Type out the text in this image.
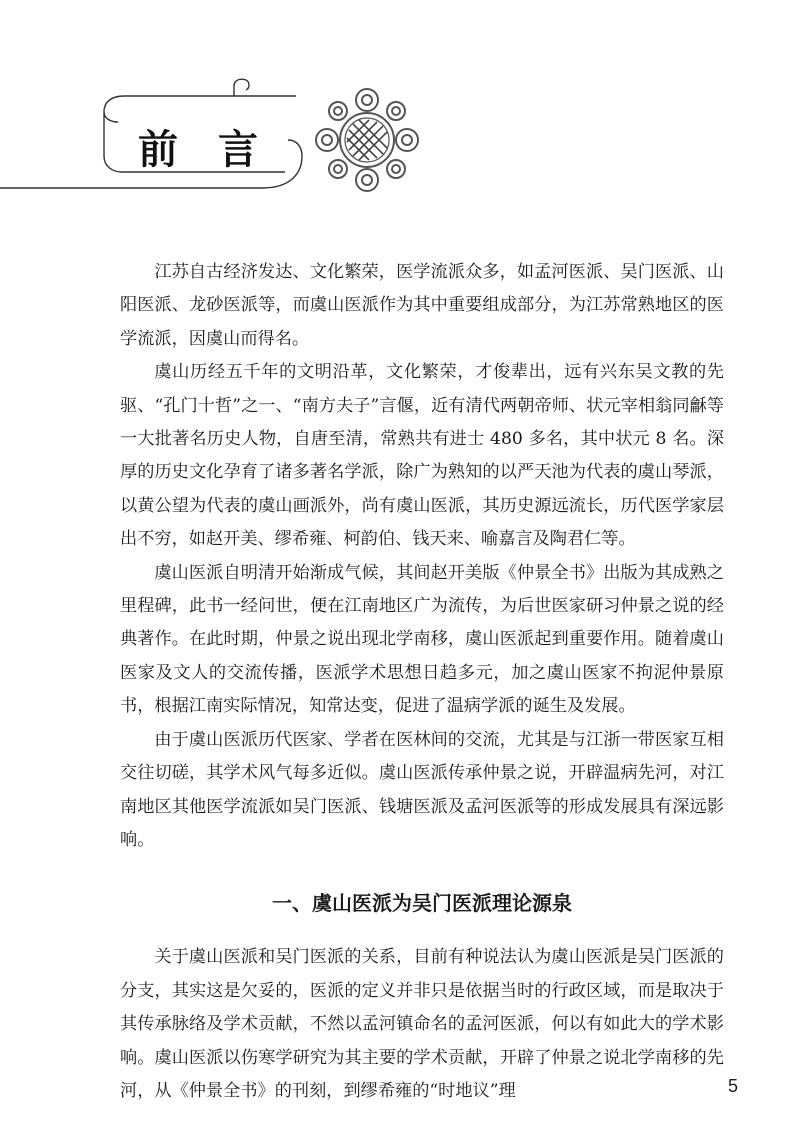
前言

江苏自古经济发达、文化繁荣，医学流派众多，如孟河医派、吴门医派、山阳医派、龙砂医派等，而虞山医派作为其中重要组成部分，为江苏常熟地区的医学流派，因虞山而得名。

虞山历经五千年的文明沿革，文化繁荣，才俊辈出，远有兴东吴文教的先驱、“孔门十哲”之一、“南方夫子”言偃，近有清代两朝帝师、状元宰相翁同龢等一大批著名历史人物，自唐至清，常熟共有进士 480 多名，其中状元 8 名。深厚的历史文化孕育了诸多著名学派，除广为熟知的以严天池为代表的虞山琴派，以黄公望为代表的虞山画派外，尚有虞山医派，其历史源远流长，历代医学家层出不穷，如赵开美、缪希雍、柯韵伯、钱天来、喻嘉言及陶君仁等。

虞山医派自明清开始渐成气候，其间赵开美版《仲景全书》出版为其成熟之里程碑，此书一经问世，便在江南地区广为流传，为后世医家研习仲景之说的经典著作。在此时期，仲景之说出现北学南移，虞山医派起到重要作用。随着虞山医家及文人的交流传播，医派学术思想日趋多元，加之虞山医家不拘泥仲景原书，根据江南实际情况，知常达变，促进了温病学派的诞生及发展。

由于虞山医派历代医家、学者在医林间的交流，尤其是与江浙一带医家互相交往切磋，其学术风气每多近似。虞山医派传承仲景之说，开辟温病先河，对江南地区其他医学流派如吴门医派、钱塘医派及孟河医派等的形成发展具有深远影响。

一、虞山医派为吴门医派理论源泉

关于虞山医派和吴门医派的关系，目前有种说法认为虞山医派是吴门医派的分支，其实这是欠妥的，医派的定义并非只是依据当时的行政区域，而是取决于其传承脉络及学术贡献，不然以孟河镇命名的孟河医派，何以有如此大的学术影响。虞山医派以伤寒学研究为其主要的学术贡献，开辟了仲景之说北学南移的先河，从《仲景全书》的刊刻，到缪希雍的“时地议”理	5
